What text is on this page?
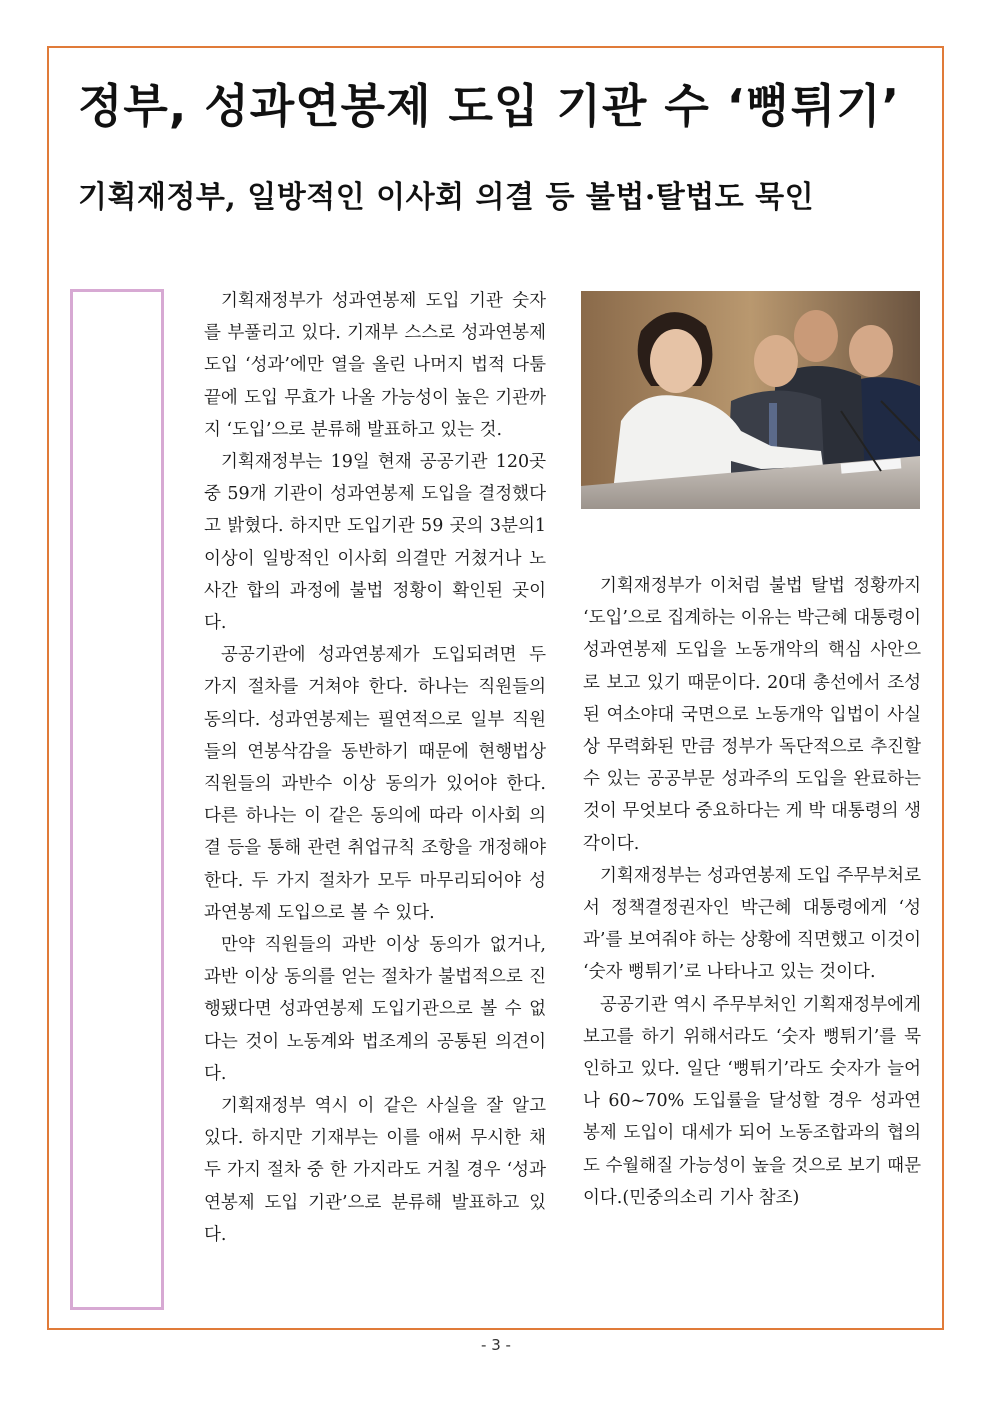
정부, 성과연봉제 도입 기관 수 ‘뻥튀기’
기획재정부, 일방적인 이사회 의결 등 불법·탈법도 묵인

기획재정부가 성과연봉제 도입 기관 숫자를 부풀리고 있다. 기재부 스스로 성과연봉제 도입 ‘성과’에만 열을 올린 나머지 법적 다툼 끝에 도입 무효가 나올 가능성이 높은 기관까지 ‘도입’으로 분류해 발표하고 있는 것.

기획재정부는 19일 현재 공공기관 120곳 중 59개 기관이 성과연봉제 도입을 결정했다고 밝혔다. 하지만 도입기관 59 곳의 3분의1 이상이 일방적인 이사회 의결만 거쳤거나 노사간 합의 과정에 불법 정황이 확인된 곳이다.

공공기관에 성과연봉제가 도입되려면 두 가지 절차를 거쳐야 한다. 하나는 직원들의 동의다. 성과연봉제는 필연적으로 일부 직원들의 연봉삭감을 동반하기 때문에 현행법상 직원들의 과반수 이상 동의가 있어야 한다. 다른 하나는 이 같은 동의에 따라 이사회 의결 등을 통해 관련 취업규칙 조항을 개정해야 한다. 두 가지 절차가 모두 마무리되어야 성과연봉제 도입으로 볼 수 있다.

만약 직원들의 과반 이상 동의가 없거나, 과반 이상 동의를 얻는 절차가 불법적으로 진행됐다면 성과연봉제 도입기관으로 볼 수 없다는 것이 노동계와 법조계의 공통된 의견이다.

기획재정부 역시 이 같은 사실을 잘 알고 있다. 하지만 기재부는 이를 애써 무시한 채 두 가지 절차 중 한 가지라도 거칠 경우 ‘성과연봉제 도입 기관’으로 분류해 발표하고 있다.

기획재정부가 이처럼 불법 탈법 정황까지 ‘도입’으로 집계하는 이유는 박근혜 대통령이 성과연봉제 도입을 노동개악의 핵심 사안으로 보고 있기 때문이다. 20대 총선에서 조성된 여소야대 국면으로 노동개악 입법이 사실상 무력화된 만큼 정부가 독단적으로 추진할 수 있는 공공부문 성과주의 도입을 완료하는 것이 무엇보다 중요하다는 게 박 대통령의 생각이다.

기획재정부는 성과연봉제 도입 주무부처로서 정책결정권자인 박근혜 대통령에게 ‘성과’를 보여줘야 하는 상황에 직면했고 이것이 ‘숫자 뻥튀기’로 나타나고 있는 것이다.

공공기관 역시 주무부처인 기획재정부에게 보고를 하기 위해서라도 ‘숫자 뻥튀기’를 묵인하고 있다. 일단 ‘뻥튀기’라도 숫자가 늘어나 60~70% 도입률을 달성할 경우 성과연봉제 도입이 대세가 되어 노동조합과의 협의도 수월해질 가능성이 높을 것으로 보기 때문이다.(민중의소리 기사 참조)

- 3 -
